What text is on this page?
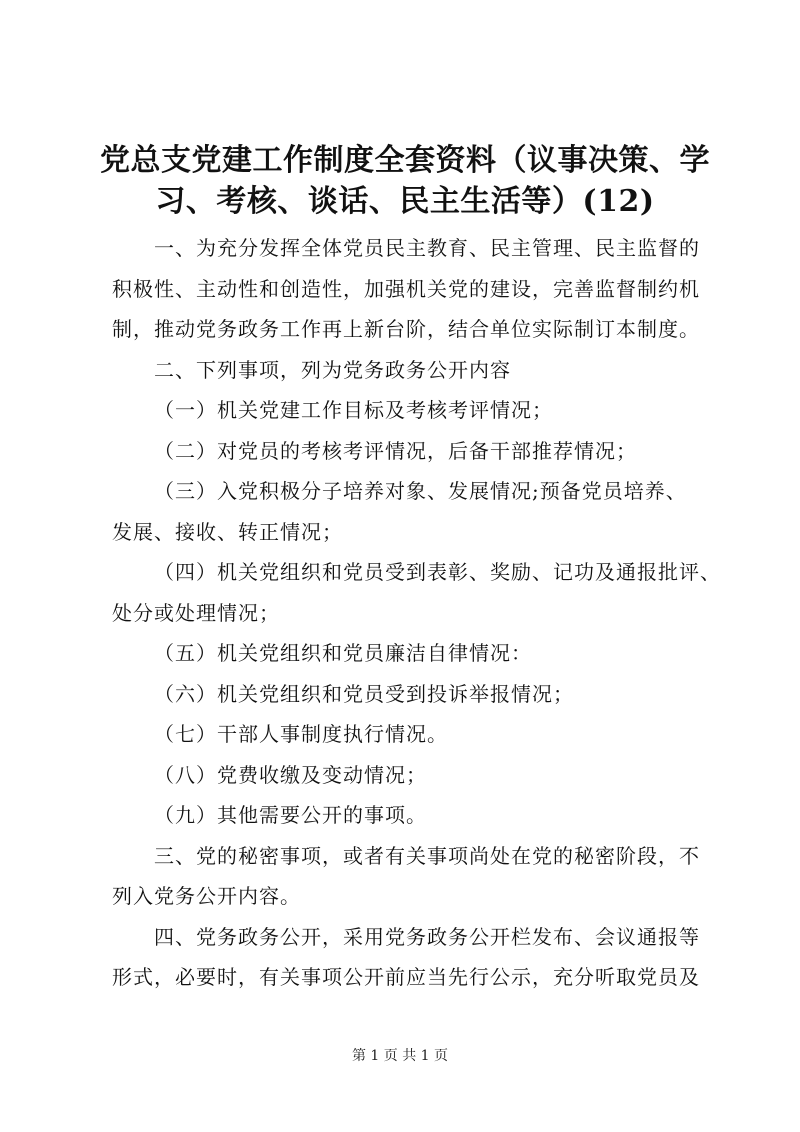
党总支党建工作制度全套资料（议事决策、学
习、考核、谈话、民主生活等）(12)
一、为充分发挥全体党员民主教育、民主管理、民主监督的
积极性、主动性和创造性，加强机关党的建设，完善监督制约机
制，推动党务政务工作再上新台阶，结合单位实际制订本制度。
二、下列事项，列为党务政务公开内容
（一）机关党建工作目标及考核考评情况；
（二）对党员的考核考评情况，后备干部推荐情况；
（三）入党积极分子培养对象、发展情况;预备党员培养、
发展、接收、转正情况；
（四）机关党组织和党员受到表彰、奖励、记功及通报批评、
处分或处理情况；
（五）机关党组织和党员廉洁自律情况：
（六）机关党组织和党员受到投诉举报情况；
（七）干部人事制度执行情况。
（八）党费收缴及变动情况；
（九）其他需要公开的事项。
三、党的秘密事项，或者有关事项尚处在党的秘密阶段，不
列入党务公开内容。
四、党务政务公开，采用党务政务公开栏发布、会议通报等
形式，必要时，有关事项公开前应当先行公示，充分听取党员及
第 1 页 共 1 页
